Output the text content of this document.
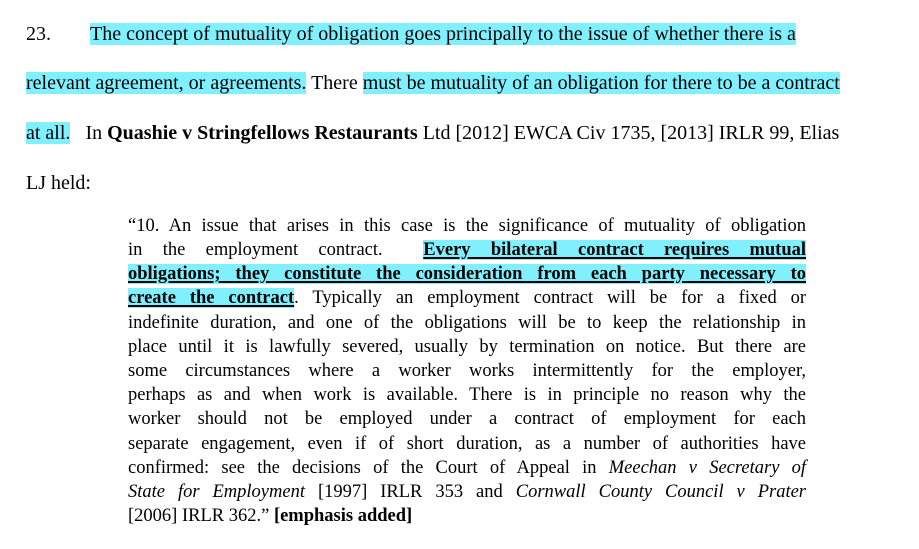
23. The concept of mutuality of obligation goes principally to the issue of whether there is a
relevant agreement, or agreements. There must be mutuality of an obligation for there to be a contract
at all. In Quashie v Stringfellows Restaurants Ltd [2012] EWCA Civ 1735, [2013] IRLR 99, Elias
LJ held:
“10. An issue that arises in this case is the significance of mutuality of obligation
in the employment contract. Every bilateral contract requires mutual
obligations; they constitute the consideration from each party necessary to
create the contract. Typically an employment contract will be for a fixed or
indefinite duration, and one of the obligations will be to keep the relationship in
place until it is lawfully severed, usually by termination on notice. But there are
some circumstances where a worker works intermittently for the employer,
perhaps as and when work is available. There is in principle no reason why the
worker should not be employed under a contract of employment for each
separate engagement, even if of short duration, as a number of authorities have
confirmed: see the decisions of the Court of Appeal in Meechan v Secretary of
State for Employment [1997] IRLR 353 and Cornwall County Council v Prater
[2006] IRLR 362.” [emphasis added]
